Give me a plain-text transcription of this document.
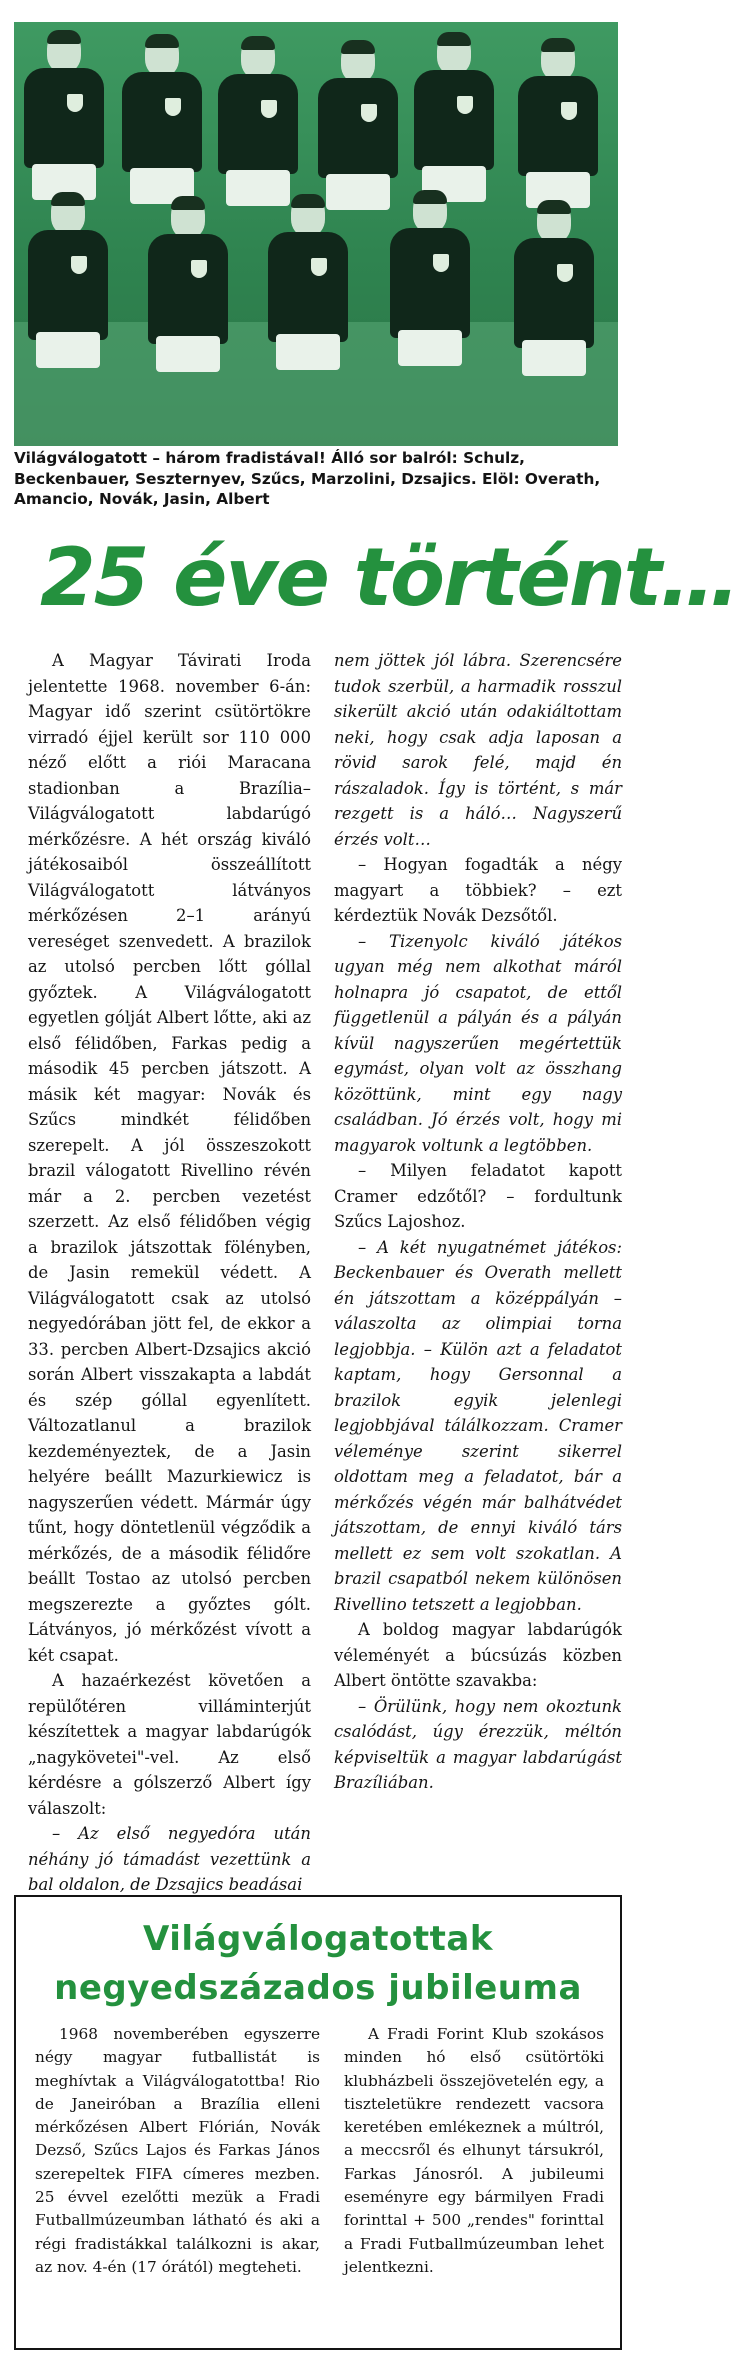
Világválogatott – három fradistával! Álló sor balról: Schulz, Beckenbauer, Seszternyev, Szűcs, Marzolini, Dzsajics. Elöl: Overath, Amancio, Novák, Jasin, Albert
25 éve történt…

A Magyar Távirati Iroda jelentette 1968. november 6-án: Magyar idő szerint csütörtökre virradó éjjel került sor 110 000 néző előtt a riói Maracana stadionban a Brazília–Világválogatott labdarúgó mérkőzésre. A hét ország kiváló játékosaiból összeállított Világválogatott látványos mérkőzésen 2–1 arányú vereséget szenvedett. A brazilok az utolsó percben lőtt góllal győztek. A Világválogatott egyetlen gólját Albert lőtte, aki az első félidőben, Farkas pedig a második 45 percben játszott. A másik két magyar: Novák és Szűcs mindkét félidőben szerepelt. A jól összeszokott brazil válogatott Rivellino révén már a 2. percben vezetést szerzett. Az első félidőben végig a brazilok játszottak fölényben, de Jasin remekül védett. A Világválogatott csak az utolsó negyedórában jött fel, de ekkor a 33. percben Albert-Dzsajics akció során Albert visszakapta a labdát és szép góllal egyenlített. Változatlanul a brazilok kezdeményeztek, de a Jasin helyére beállt Mazurkiewicz is nagyszerűen védett. Mármár úgy tűnt, hogy döntetlenül végződik a mérkőzés, de a második félidőre beállt Tostao az utolsó percben megszerezte a győztes gólt. Látványos, jó mérkőzést vívott a két csapat.

A hazaérkezést követően a repülőtéren villáminterjút készítettek a magyar labdarúgók „nagykövetei"-vel. Az első kérdésre a gólszerző Albert így válaszolt:

– Az első negyedóra után néhány jó támadást vezettünk a bal oldalon, de Dzsajics beadásai

nem jöttek jól lábra. Szerencsére tudok szerbül, a harmadik rosszul sikerült akció után odakiáltottam neki, hogy csak adja laposan a rövid sarok felé, majd én rászaladok. Így is történt, s már rezgett is a háló… Nagyszerű érzés volt…

– Hogyan fogadták a négy magyart a többiek? – ezt kérdeztük Novák Dezsőtől.

– Tizenyolc kiváló játékos ugyan még nem alkothat máról holnapra jó csapatot, de ettől függetlenül a pályán és a pályán kívül nagyszerűen megértettük egymást, olyan volt az összhang közöttünk, mint egy nagy családban. Jó érzés volt, hogy mi magyarok voltunk a legtöbben.

– Milyen feladatot kapott Cramer edzőtől? – fordultunk Szűcs Lajoshoz.

– A két nyugatnémet játékos: Beckenbauer és Overath mellett én játszottam a középpályán – válaszolta az olimpiai torna legjobbja. – Külön azt a feladatot kaptam, hogy Gersonnal a brazilok egyik jelenlegi legjobbjával tálálkozzam. Cramer véleménye szerint sikerrel oldottam meg a feladatot, bár a mérkőzés végén már balhátvédet játszottam, de ennyi kiváló társ mellett ez sem volt szokatlan. A brazil csapatból nekem különösen Rivellino tetszett a legjobban.

A boldog magyar labdarúgók véleményét a búcsúzás közben Albert öntötte szavakba:

– Örülünk, hogy nem okoztunk csalódást, úgy érezzük, méltón képviseltük a magyar labdarúgást Brazíliában.

Világválogatottak
negyedszázados jubileuma

1968 novemberében egyszerre négy magyar futballistát is meghívtak a Világválogatottba! Rio de Janeiróban a Brazília elleni mérkőzésen Albert Flórián, Novák Dezső, Szűcs Lajos és Farkas János szerepeltek FIFA címeres mezben. 25 évvel ezelőtti mezük a Fradi Futballmúzeumban látható és aki a régi fradistákkal találkozni is akar, az nov. 4-én (17 órától) megteheti.

A Fradi Forint Klub szokásos minden hó első csütörtöki klubházbeli összejövetelén egy, a tiszteletükre rendezett vacsora keretében emlékeznek a múltról, a meccsről és elhunyt társukról, Farkas Jánosról. A jubileumi eseményre egy bármilyen Fradi forinttal + 500 „rendes" forinttal a Fradi Futballmúzeumban lehet jelentkezni.
